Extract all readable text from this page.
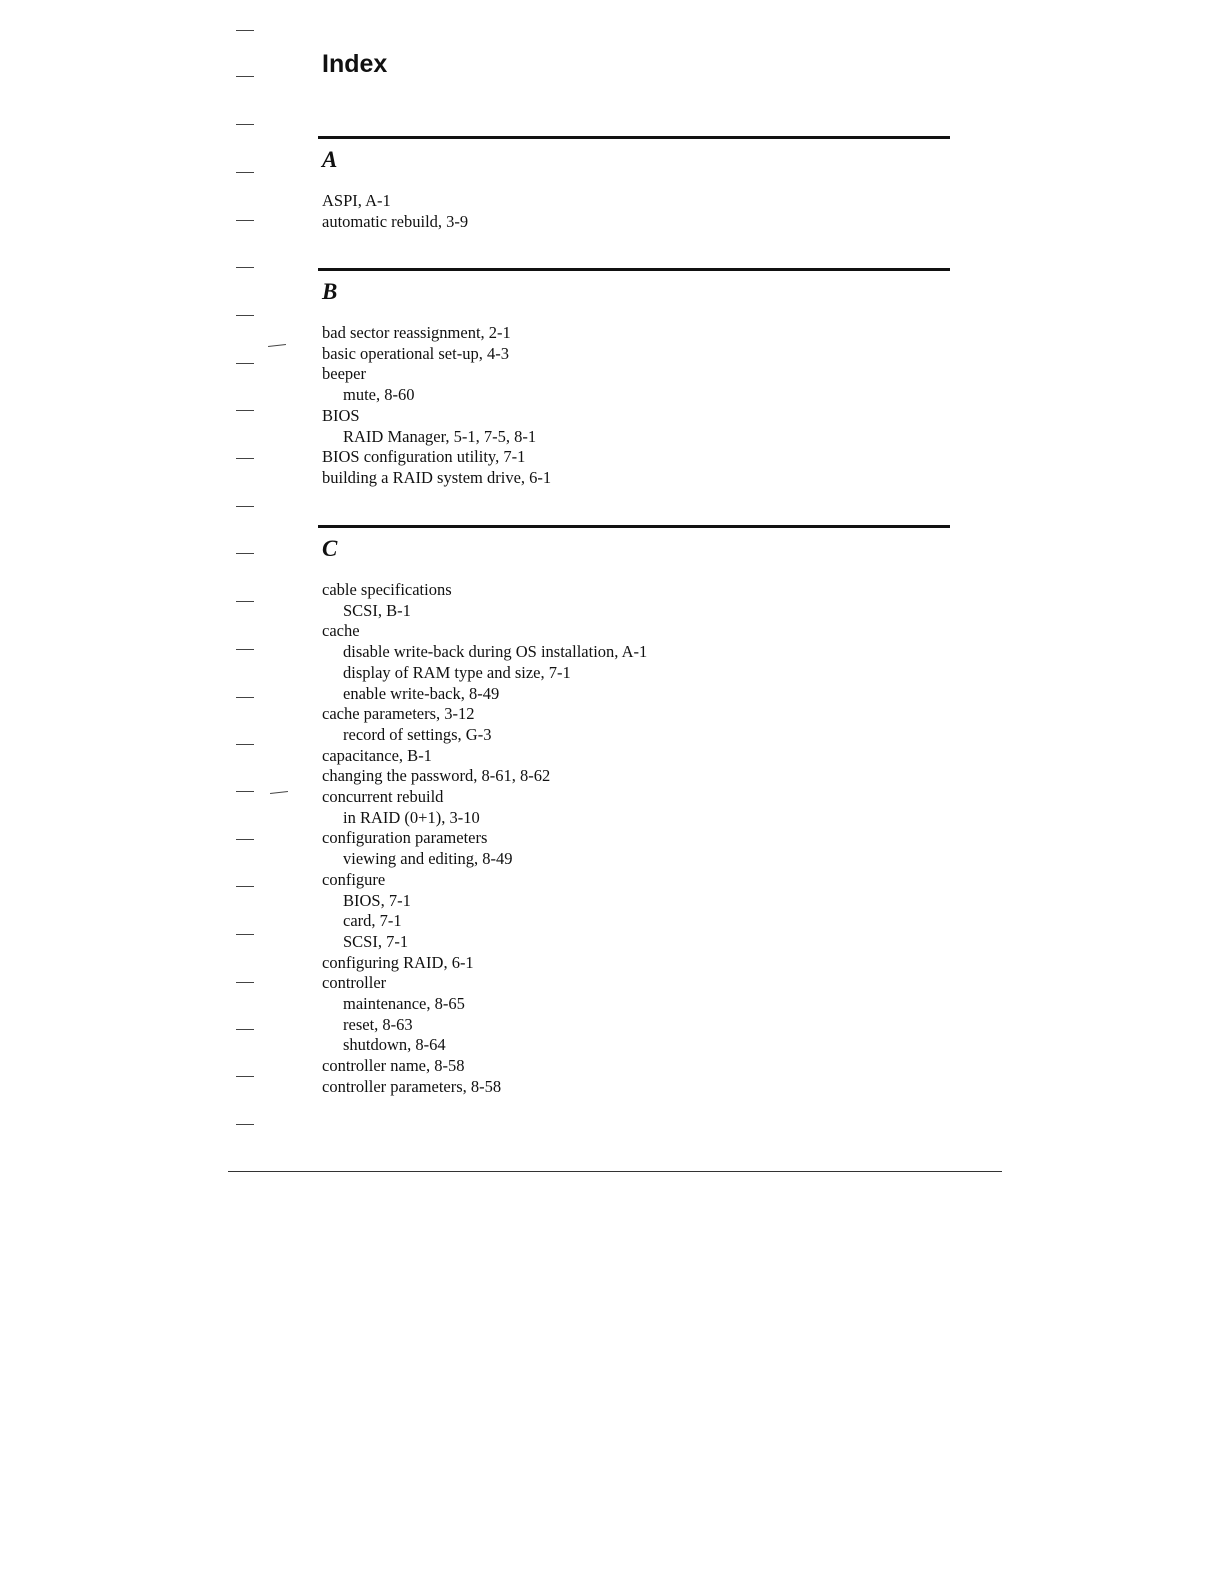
Index
A
ASPI, A-1
automatic rebuild, 3-9
B
bad sector reassignment, 2-1
basic operational set-up, 4-3
beeper
mute, 8-60
BIOS
RAID Manager, 5-1, 7-5, 8-1
BIOS configuration utility, 7-1
building a RAID system drive, 6-1
C
cable specifications
SCSI, B-1
cache
disable write-back during OS installation, A-1
display of RAM type and size, 7-1
enable write-back, 8-49
cache parameters, 3-12
record of settings, G-3
capacitance, B-1
changing the password, 8-61, 8-62
concurrent rebuild
in RAID (0+1), 3-10
configuration parameters
viewing and editing, 8-49
configure
BIOS, 7-1
card, 7-1
SCSI, 7-1
configuring RAID, 6-1
controller
maintenance, 8-65
reset, 8-63
shutdown, 8-64
controller name, 8-58
controller parameters, 8-58
